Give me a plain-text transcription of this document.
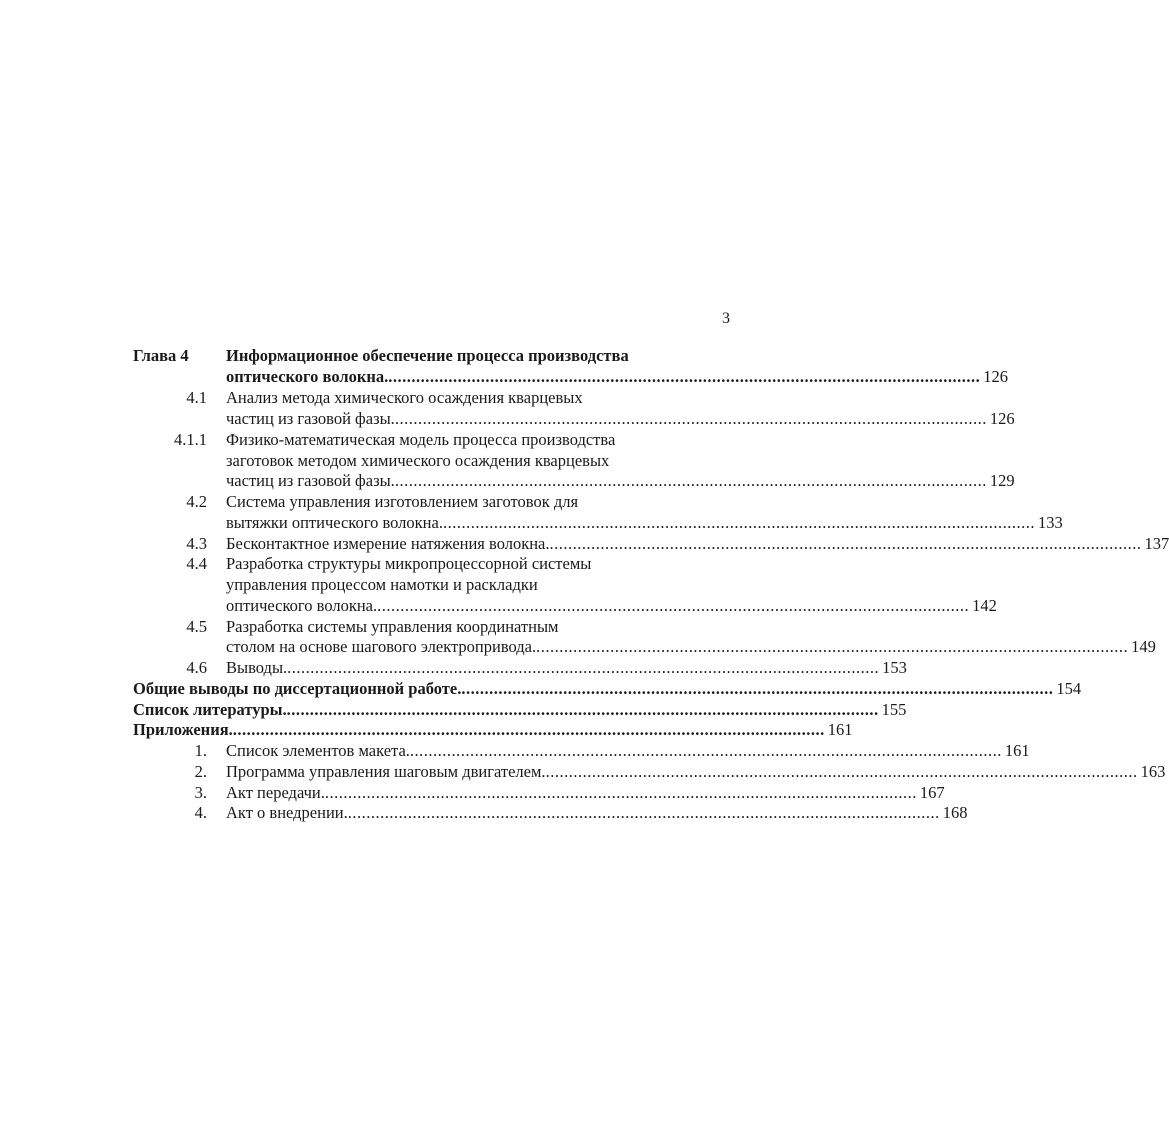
3
Глава 4 Информационное обеспечение процесса производства
оптического волокна. ................................................................................................................................ 126
4.1 Анализ метода химического осаждения кварцевых
частиц из газовой фазы. ................................................................................................................................ 126
4.1.1 Физико-математическая модель процесса производства
заготовок методом химического осаждения кварцевых
частиц из газовой фазы. ................................................................................................................................ 129
4.2 Система управления изготовлением заготовок для
вытяжки оптического волокна. ................................................................................................................................ 133
4.3 Бесконтактное измерение натяжения волокна. ................................................................................................................................ 137
4.4 Разработка структуры микропроцессорной системы
управления процессом намотки и раскладки
оптического волокна. ................................................................................................................................ 142
4.5 Разработка системы управления координатным
столом на основе шагового электропривода. ................................................................................................................................ 149
4.6 Выводы. ................................................................................................................................ 153
Общие выводы по диссертационной работе. ................................................................................................................................ 154
Список литературы. ................................................................................................................................ 155
Приложения. ................................................................................................................................ 161
1. Список элементов макета. ................................................................................................................................ 161
2. Программа управления шаговым двигателем. ................................................................................................................................ 163
3. Акт передачи. ................................................................................................................................ 167
4. Акт о внедрении. ................................................................................................................................ 168
